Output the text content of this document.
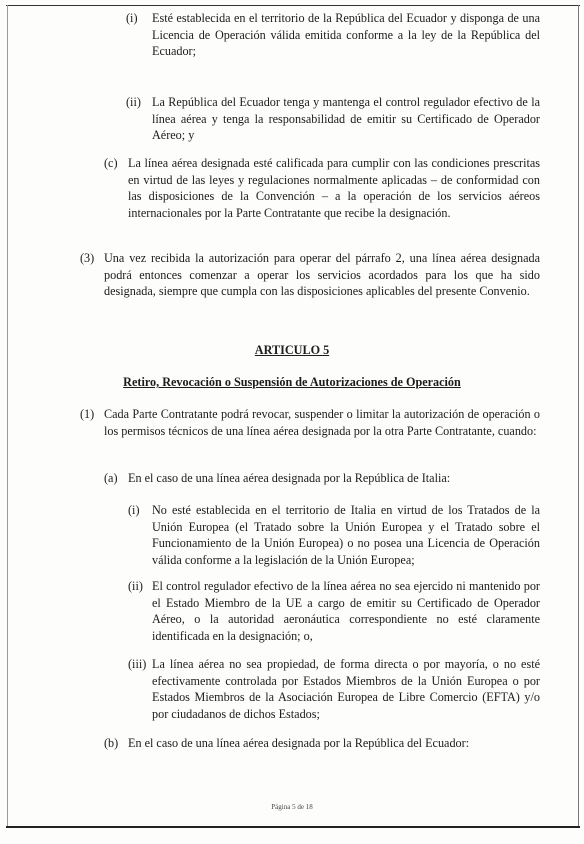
(i) Esté establecida en el territorio de la República del Ecuador y disponga de una Licencia de Operación válida emitida conforme a la ley de la República del Ecuador;
(ii) La República del Ecuador tenga y mantenga el control regulador efectivo de la línea aérea y tenga la responsabilidad de emitir su Certificado de Operador Aéreo; y
(c) La línea aérea designada esté calificada para cumplir con las condiciones prescritas en virtud de las leyes y regulaciones normalmente aplicadas – de conformidad con las disposiciones de la Convención – a la operación de los servicios aéreos internacionales por la Parte Contratante que recibe la designación.
(3) Una vez recibida la autorización para operar del párrafo 2, una línea aérea designada podrá entonces comenzar a operar los servicios acordados para los que ha sido designada, siempre que cumpla con las disposiciones aplicables del presente Convenio.
ARTICULO 5
Retiro, Revocación o Suspensión de Autorizaciones de Operación
(1) Cada Parte Contratante podrá revocar, suspender o limitar la autorización de operación o los permisos técnicos de una línea aérea designada por la otra Parte Contratante, cuando:
(a) En el caso de una línea aérea designada por la República de Italia:
(i) No esté establecida en el territorio de Italia en virtud de los Tratados de la Unión Europea (el Tratado sobre la Unión Europea y el Tratado sobre el Funcionamiento de la Unión Europea) o no posea una Licencia de Operación válida conforme a la legislación de la Unión Europea;
(ii) El control regulador efectivo de la línea aérea no sea ejercido ni mantenido por el Estado Miembro de la UE a cargo de emitir su Certificado de Operador Aéreo, o la autoridad aeronáutica correspondiente no esté claramente identificada en la designación; o,
(iii) La línea aérea no sea propiedad, de forma directa o por mayoría, o no esté efectivamente controlada por Estados Miembros de la Unión Europea o por Estados Miembros de la Asociación Europea de Libre Comercio (EFTA) y/o por ciudadanos de dichos Estados;
(b) En el caso de una línea aérea designada por la República del Ecuador:
Página 5 de 18
